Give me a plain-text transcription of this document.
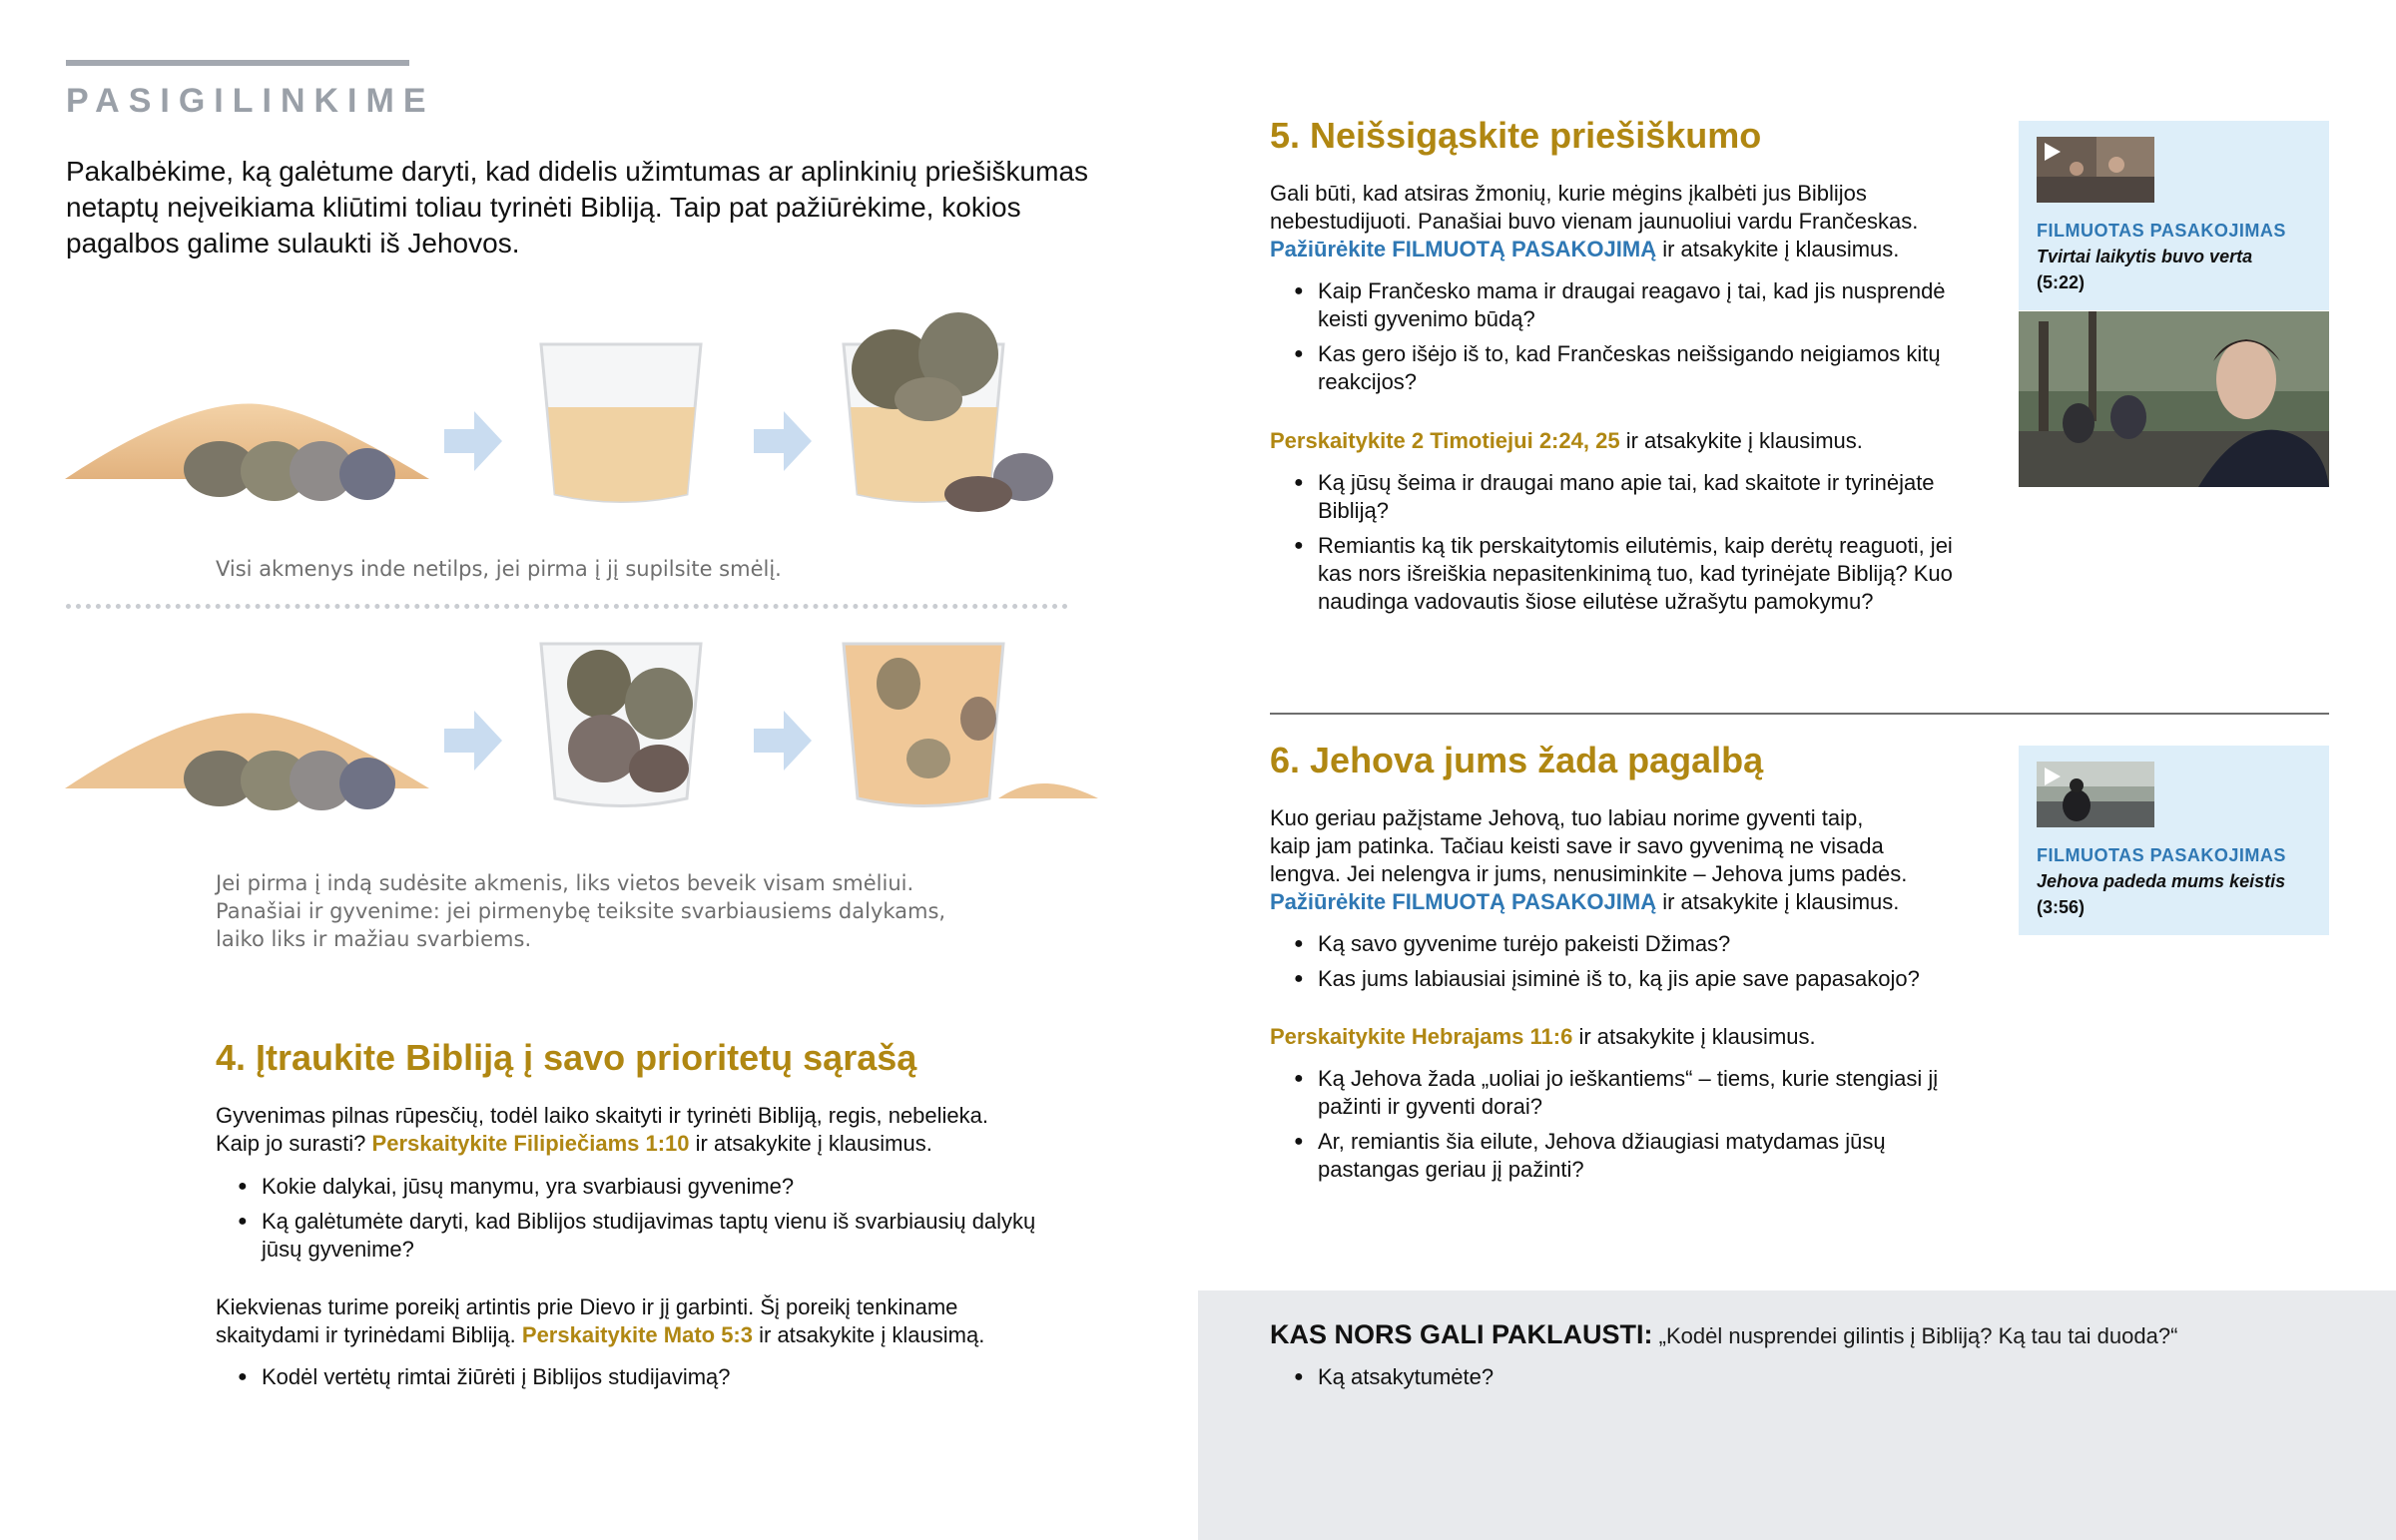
PASIGILINKIME
Pakalbėkime, ką galėtume daryti, kad didelis užimtumas ar aplinkinių priešiškumas netaptų neįveikiama kliūtimi toliau tyrinėti Bibliją. Taip pat pažiūrėkime, kokios pagalbos galime sulaukti iš Jehovos.
Visi akmenys inde netilps, jei pirma į jį supilsite smėlį.
Jei pirma į indą sudėsite akmenis, liks vietos beveik visam smėliui.
Panašiai ir gyvenime: jei pirmenybę teiksite svarbiausiems dalykams,
laiko liks ir mažiau svarbiems.
4. Įtraukite Bibliją į savo prioritetų sąrašą
Gyvenimas pilnas rūpesčių, todėl laiko skaityti ir tyrinėti Bibliją, regis, nebelieka.
Kaip jo surasti? Perskaitykite Filipiečiams 1:10 ir atsakykite į klausimus.
● Kokie dalykai, jūsų manymu, yra svarbiausi gyvenime?
● Ką galėtumėte daryti, kad Biblijos studijavimas taptų vienu iš svarbiausių dalykų jūsų gyvenime?
Kiekvienas turime poreikį artintis prie Dievo ir jį garbinti. Šį poreikį tenkiname
skaitydami ir tyrinėdami Bibliją. Perskaitykite Mato 5:3 ir atsakykite į klausimą.
● Kodėl vertėtų rimtai žiūrėti į Biblijos studijavimą?
5. Neišsigąskite priešiškumo
Gali būti, kad atsiras žmonių, kurie mėgins įkalbėti jus Biblijos
nebestudijuoti. Panašiai buvo vienam jaunuoliui vardu Frančeskas.
Pažiūrėkite FILMUOTĄ PASAKOJIMĄ ir atsakykite į klausimus.
● Kaip Frančesko mama ir draugai reagavo į tai, kad jis nusprendė keisti gyvenimo būdą?
● Kas gero išėjo iš to, kad Frančeskas neišsigando neigiamos kitų reakcijos?
Perskaitykite 2 Timotiejui 2:24, 25 ir atsakykite į klausimus.
● Ką jūsų šeima ir draugai mano apie tai, kad skaitote ir tyrinėjate Bibliją?
● Remiantis ką tik perskaitytomis eilutėmis, kaip derėtų reaguoti, jei kas nors išreiškia nepasitenkinimą tuo, kad tyrinėjate Bibliją? Kuo naudinga vadovautis šiose eilutėse užrašytu pamokymu?
FILMUOTAS PASAKOJIMAS
Tvirtai laikytis buvo verta
(5:22)
6. Jehova jums žada pagalbą
Kuo geriau pažįstame Jehovą, tuo labiau norime gyventi taip,
kaip jam patinka. Tačiau keisti save ir savo gyvenimą ne visada
lengva. Jei nelengva ir jums, nenusiminkite – Jehova jums padės.
Pažiūrėkite FILMUOTĄ PASAKOJIMĄ ir atsakykite į klausimus.
● Ką savo gyvenime turėjo pakeisti Džimas?
● Kas jums labiausiai įsiminė iš to, ką jis apie save papasakojo?
Perskaitykite Hebrajams 11:6 ir atsakykite į klausimus.
● Ką Jehova žada „uoliai jo ieškantiems“ – tiems, kurie stengiasi jį pažinti ir gyventi dorai?
● Ar, remiantis šia eilute, Jehova džiaugiasi matydamas jūsų pastangas geriau jį pažinti?
FILMUOTAS PASAKOJIMAS
Jehova padeda mums keistis
(3:56)
KAS NORS GALI PAKLAUSTI: „Kodėl nusprendei gilintis į Bibliją? Ką tau tai duoda?“
● Ką atsakytumėte?
